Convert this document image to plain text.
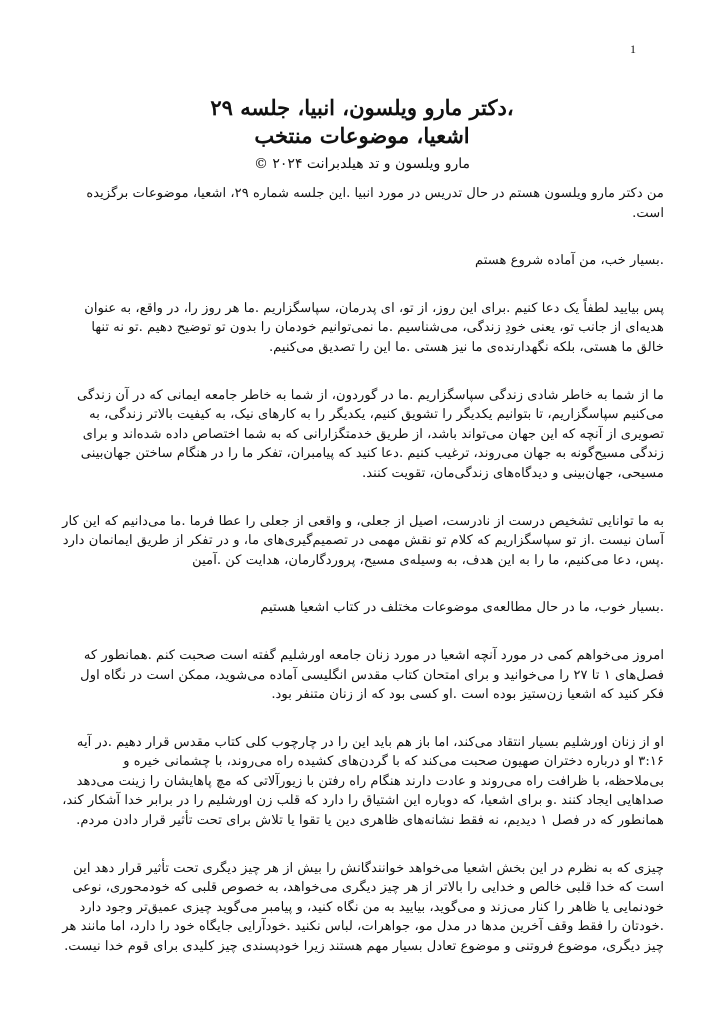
1
،دکتر مارو ویلسون، انبیا، جلسه ۲۹
اشعیا، موضوعات منتخب
مارو ویلسون و تد هیلدبرانت ۲۰۲۴ ©

من دکتر مارو ویلسون هستم در حال تدریس در مورد انبیا .این جلسه شماره ۲۹، اشعیا، موضوعات برگزیده است.

.بسیار خب، من آماده شروع هستم

پس بیایید لطفاً یک دعا کنیم .برای این روز، از تو، ای پدرمان، سپاسگزاریم .ما هر روز را، در واقع، به عنوان هدیه‌ای از جانب تو، یعنی خودِ زندگی، می‌شناسیم .ما نمی‌توانیم خودمان را بدون تو توضیح دهیم .تو نه تنها خالق ما هستی، بلکه نگهدارنده‌ی ما نیز هستی .ما این را تصدیق می‌کنیم.

ما از شما به خاطر شادی زندگی سپاسگزاریم .ما در گوردون، از شما به خاطر جامعه ایمانی که در آن زندگی می‌کنیم سپاسگزاریم، تا بتوانیم یکدیگر را تشویق کنیم، یکدیگر را به کارهای نیک، به کیفیت بالاتر زندگی، به تصویری از آنچه که این جهان می‌تواند باشد، از طریق خدمتگزارانی که به شما اختصاص داده شده‌اند و برای زندگی مسیح‌گونه به جهان می‌روند، ترغیب کنیم .دعا کنید که پیامبران، تفکر ما را در هنگام ساختن جهان‌بینی مسیحی، جهان‌بینی و دیدگاه‌های زندگی‌مان، تقویت کنند.

به ما توانایی تشخیص درست از نادرست، اصیل از جعلی، و واقعی از جعلی را عطا فرما .ما می‌دانیم که این کار آسان نیست .از تو سپاسگزاریم که کلام تو نقش مهمی در تصمیم‌گیری‌های ما، و در تفکر از طریق ایمانمان دارد .پس، دعا می‌کنیم، ما را به این هدف، به وسیله‌ی مسیح، پروردگارمان، هدایت کن .آمین

.بسیار خوب، ما در حال مطالعه‌ی موضوعات مختلف در کتاب اشعیا هستیم

امروز می‌خواهم کمی در مورد آنچه اشعیا در مورد زنان جامعه اورشلیم گفته است صحبت کنم .همانطور که فصل‌های ۱ تا ۲۷ را می‌خوانید و برای امتحان کتاب مقدس انگلیسی آماده می‌شوید، ممکن است در نگاه اول فکر کنید که اشعیا زن‌ستیز بوده است .او کسی بود که از زنان متنفر بود.

او از زنان اورشلیم بسیار انتقاد می‌کند، اما باز هم باید این را در چارچوب کلی کتاب مقدس قرار دهیم .در آیه ۳:۱۶ او درباره دختران صهیون صحبت می‌کند که با گردن‌های کشیده راه می‌روند، با چشمانی خیره و بی‌ملاحظه، با ظرافت راه می‌روند و عادت دارند هنگام راه رفتن با زیورآلاتی که مچ پاهایشان را زینت می‌دهد صداهایی ایجاد کنند .و برای اشعیا، که دوباره این اشتیاق را دارد که قلب زن اورشلیم را در برابر خدا آشکار کند، همانطور که در فصل ۱ دیدیم، نه فقط نشانه‌های ظاهری دین یا تقوا یا تلاش برای تحت تأثیر قرار دادن مردم.

چیزی که به نظرم در این بخش اشعیا می‌خواهد خوانندگانش را بیش از هر چیز دیگری تحت تأثیر قرار دهد این است که خدا قلبی خالص و خدایی را بالاتر از هر چیز دیگری می‌خواهد، به خصوص قلبی که خودمحوری، نوعی خودنمایی یا ظاهر را کنار می‌زند و می‌گوید، بیایید به من نگاه کنید، و پیامبر می‌گوید چیزی عمیق‌تر وجود دارد .خودتان را فقط وقف آخرین مدها در مدل مو، جواهرات، لباس نکنید .خودآرایی جایگاه خود را دارد، اما مانند هر چیز دیگری، موضوع فروتنی و موضوع تعادل بسیار مهم هستند زیرا خودپسندی چیز کلیدی برای قوم خدا نیست.
